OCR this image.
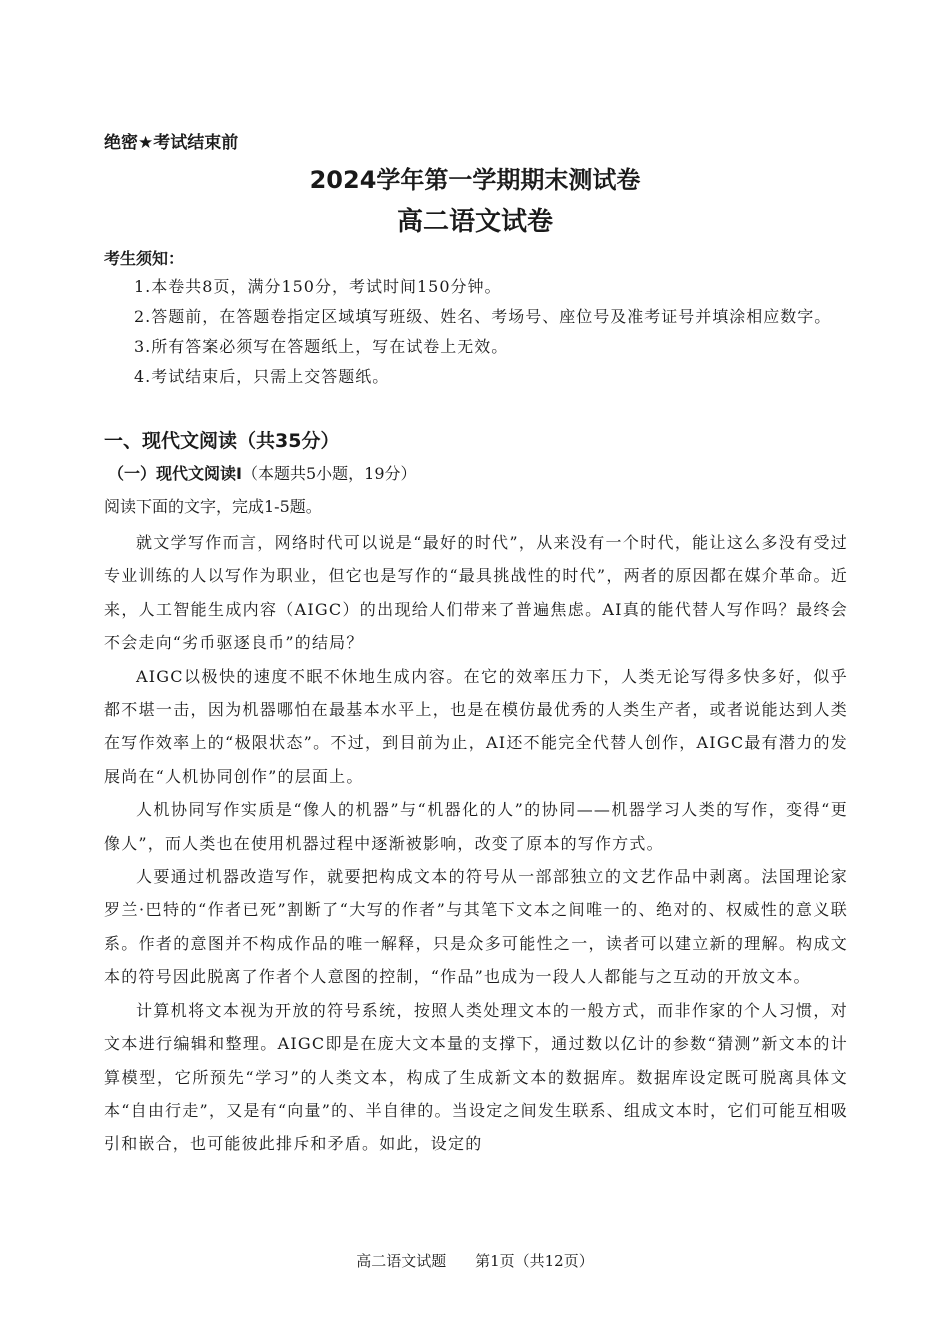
绝密★考试结束前
2024学年第一学期期末测试卷
高二语文试卷
考生须知：

1.本卷共8页，满分150分，考试时间150分钟。

2.答题前，在答题卷指定区域填写班级、姓名、考场号、座位号及准考证号并填涂相应数字。

3.所有答案必须写在答题纸上，写在试卷上无效。

4.考试结束后，只需上交答题纸。

一、现代文阅读（共35分）
（一）现代文阅读Ⅰ（本题共5小题，19分）
阅读下面的文字，完成1-5题。

就文学写作而言，网络时代可以说是“最好的时代”，从来没有一个时代，能让这么多没有受过专业训练的人以写作为职业，但它也是写作的“最具挑战性的时代”，两者的原因都在媒介革命。近来，人工智能生成内容（AIGC）的出现给人们带来了普遍焦虑。AI真的能代替人写作吗？最终会不会走向“劣币驱逐良币”的结局？

AIGC以极快的速度不眠不休地生成内容。在它的效率压力下，人类无论写得多快多好，似乎都不堪一击，因为机器哪怕在最基本水平上，也是在模仿最优秀的人类生产者，或者说能达到人类在写作效率上的“极限状态”。不过，到目前为止，AI还不能完全代替人创作，AIGC最有潜力的发展尚在“人机协同创作”的层面上。

人机协同写作实质是“像人的机器”与“机器化的人”的协同——机器学习人类的写作，变得“更像人”，而人类也在使用机器过程中逐渐被影响，改变了原本的写作方式。

人要通过机器改造写作，就要把构成文本的符号从一部部独立的文艺作品中剥离。法国理论家罗兰·巴特的“作者已死”割断了“大写的作者”与其笔下文本之间唯一的、绝对的、权威性的意义联系。作者的意图并不构成作品的唯一解释，只是众多可能性之一，读者可以建立新的理解。构成文本的符号因此脱离了作者个人意图的控制，“作品”也成为一段人人都能与之互动的开放文本。

计算机将文本视为开放的符号系统，按照人类处理文本的一般方式，而非作家的个人习惯，对文本进行编辑和整理。AIGC即是在庞大文本量的支撑下，通过数以亿计的参数“猜测”新文本的计算模型，它所预先“学习”的人类文本，构成了生成新文本的数据库。数据库设定既可脱离具体文本“自由行走”，又是有“向量”的、半自律的。当设定之间发生联系、组成文本时，它们可能互相吸引和嵌合，也可能彼此排斥和矛盾。如此，设定的

高二语文试题 第1页（共12页）
